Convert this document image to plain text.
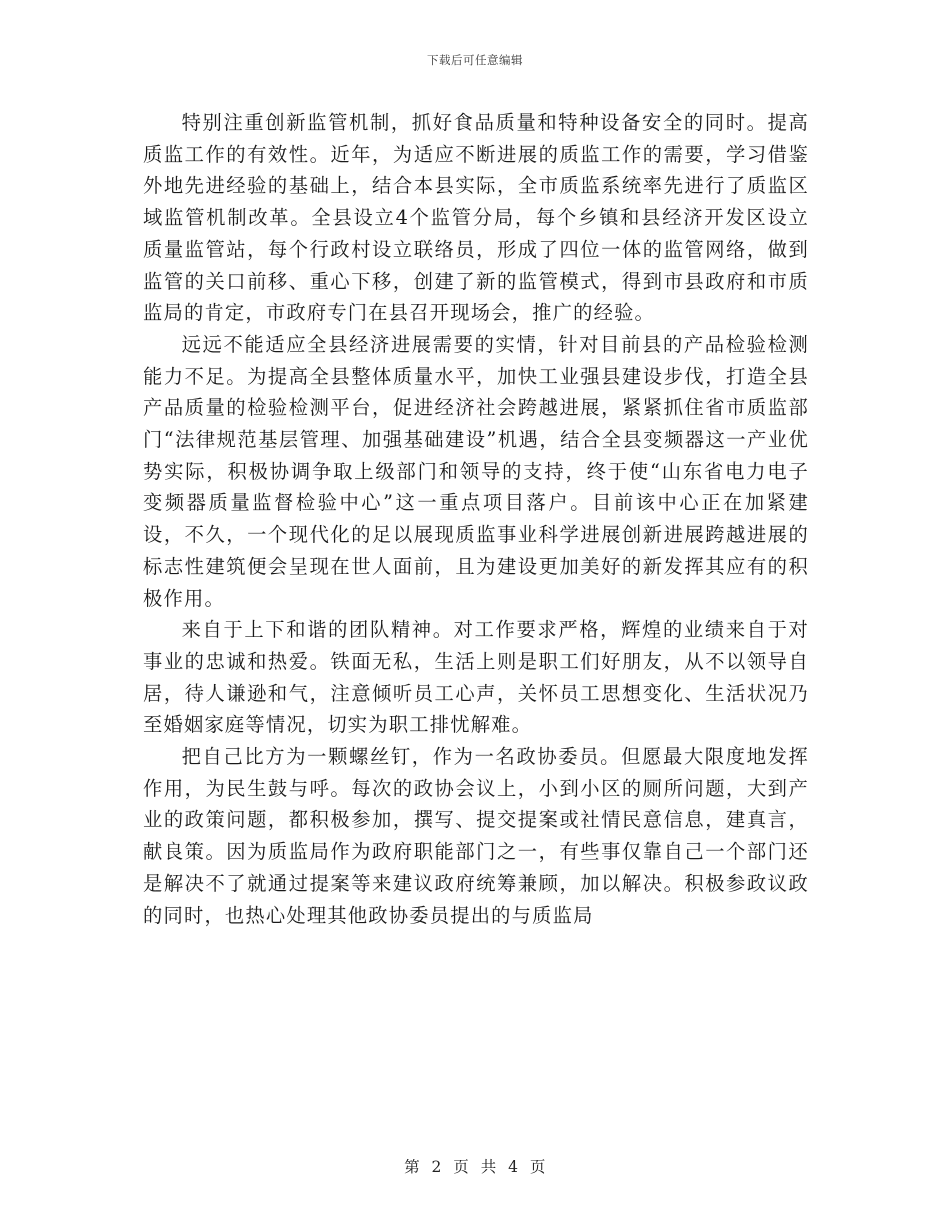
下载后可任意编辑

特别注重创新监管机制，抓好食品质量和特种设备安全的同时。提高质监工作的有效性。近年，为适应不断进展的质监工作的需要，学习借鉴外地先进经验的基础上，结合本县实际，全市质监系统率先进行了质监区域监管机制改革。全县设立4个监管分局，每个乡镇和县经济开发区设立质量监管站，每个行政村设立联络员，形成了四位一体的监管网络，做到监管的关口前移、重心下移，创建了新的监管模式，得到市县政府和市质监局的肯定，市政府专门在县召开现场会，推广的经验。

远远不能适应全县经济进展需要的实情，针对目前县的产品检验检测能力不足。为提高全县整体质量水平，加快工业强县建设步伐，打造全县产品质量的检验检测平台，促进经济社会跨越进展，紧紧抓住省市质监部门“法律规范基层管理、加强基础建设”机遇，结合全县变频器这一产业优势实际，积极协调争取上级部门和领导的支持，终于使“山东省电力电子变频器质量监督检验中心”这一重点项目落户。目前该中心正在加紧建设，不久，一个现代化的足以展现质监事业科学进展创新进展跨越进展的标志性建筑便会呈现在世人面前，且为建设更加美好的新发挥其应有的积极作用。

来自于上下和谐的团队精神。对工作要求严格，辉煌的业绩来自于对事业的忠诚和热爱。铁面无私，生活上则是职工们好朋友，从不以领导自居，待人谦逊和气，注意倾听员工心声，关怀员工思想变化、生活状况乃至婚姻家庭等情况，切实为职工排忧解难。

把自己比方为一颗螺丝钉，作为一名政协委员。但愿最大限度地发挥作用，为民生鼓与呼。每次的政协会议上，小到小区的厕所问题，大到产业的政策问题，都积极参加，撰写、提交提案或社情民意信息，建真言，献良策。因为质监局作为政府职能部门之一，有些事仅靠自己一个部门还是解决不了就通过提案等来建议政府统筹兼顾，加以解决。积极参政议政的同时，也热心处理其他政协委员提出的与质监局

第 2 页 共 4 页
